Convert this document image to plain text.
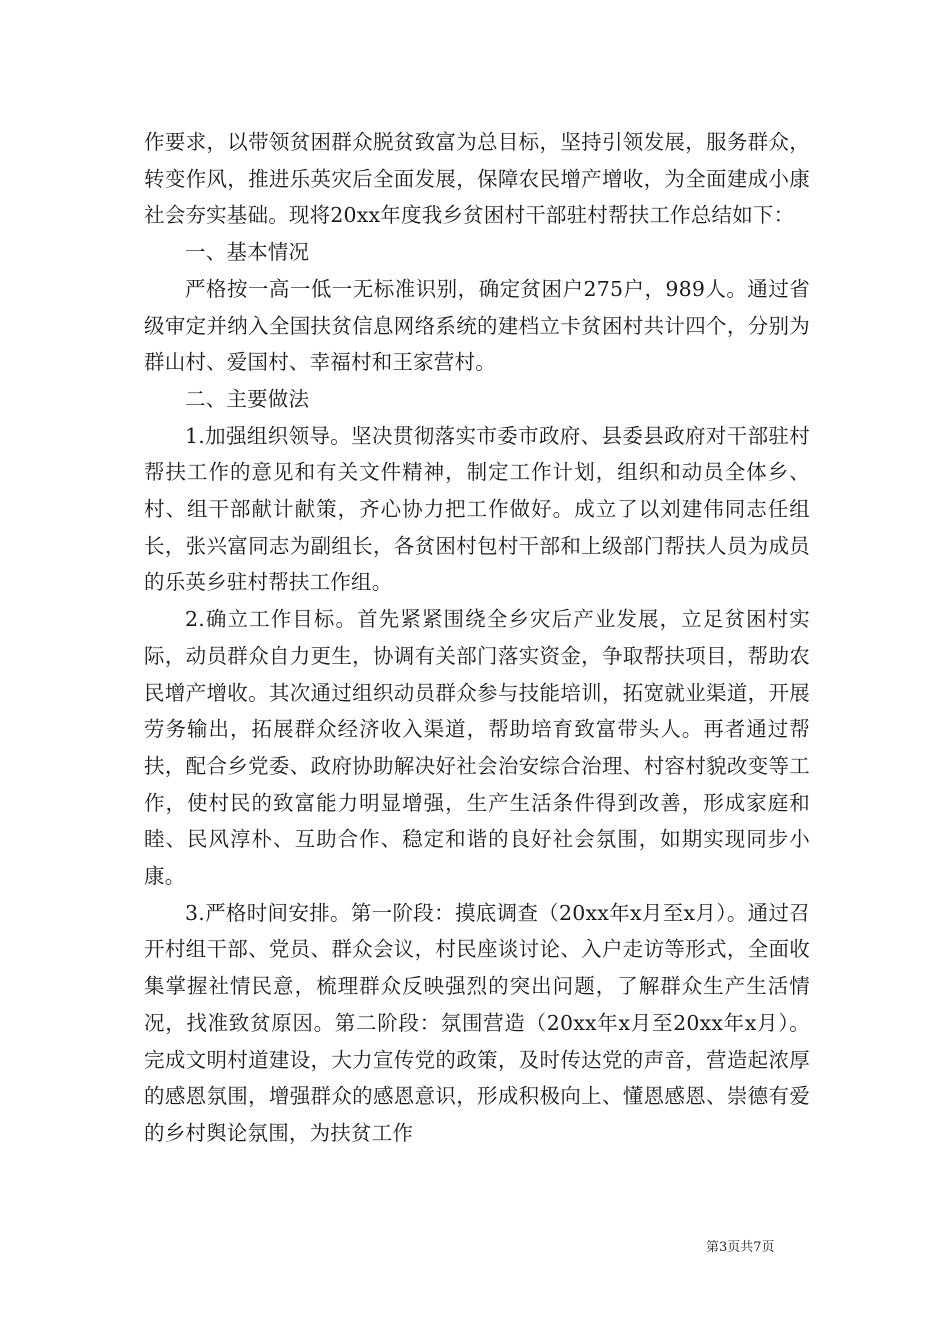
作要求，以带领贫困群众脱贫致富为总目标，坚持引领发展，服务群众，转变作风，推进乐英灾后全面发展，保障农民增产增收，为全面建成小康社会夯实基础。现将20xx年度我乡贫困村干部驻村帮扶工作总结如下：

一、基本情况

严格按一高一低一无标准识别，确定贫困户275户，989人。通过省级审定并纳入全国扶贫信息网络系统的建档立卡贫困村共计四个，分别为群山村、爱国村、幸福村和王家营村。

二、主要做法

1.加强组织领导。坚决贯彻落实市委市政府、县委县政府对干部驻村帮扶工作的意见和有关文件精神，制定工作计划，组织和动员全体乡、村、组干部献计献策，齐心协力把工作做好。成立了以刘建伟同志任组长，张兴富同志为副组长，各贫困村包村干部和上级部门帮扶人员为成员的乐英乡驻村帮扶工作组。

2.确立工作目标。首先紧紧围绕全乡灾后产业发展，立足贫困村实际，动员群众自力更生，协调有关部门落实资金，争取帮扶项目，帮助农民增产增收。其次通过组织动员群众参与技能培训，拓宽就业渠道，开展劳务输出，拓展群众经济收入渠道，帮助培育致富带头人。再者通过帮扶，配合乡党委、政府协助解决好社会治安综合治理、村容村貌改变等工作，使村民的致富能力明显增强，生产生活条件得到改善，形成家庭和睦、民风淳朴、互助合作、稳定和谐的良好社会氛围，如期实现同步小康。

3.严格时间安排。第一阶段：摸底调查（20xx年x月至x月）。通过召开村组干部、党员、群众会议，村民座谈讨论、入户走访等形式，全面收集掌握社情民意，梳理群众反映强烈的突出问题，了解群众生产生活情况，找准致贫原因。第二阶段：氛围营造（20xx年x月至20xx年x月）。完成文明村道建设，大力宣传党的政策，及时传达党的声音，营造起浓厚的感恩氛围，增强群众的感恩意识，形成积极向上、懂恩感恩、崇德有爱的乡村舆论氛围，为扶贫工作

第3页共7页
